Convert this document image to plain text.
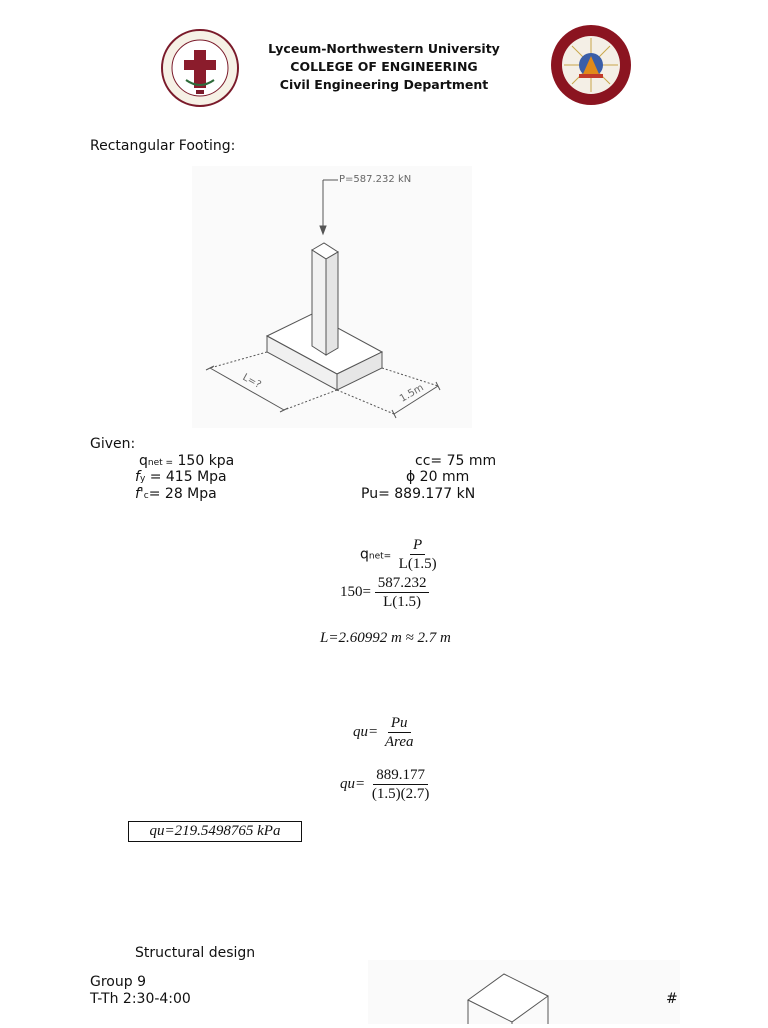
Lyceum-Northwestern University
COLLEGE OF ENGINEERING
Civil Engineering Department
Rectangular Footing:
P=587.232 kN
L=?
1.5m
Given:
qnet = 150 kpa
fy = 415 Mpa
f'c= 28 Mpa
cc= 75 mm
ϕ 20 mm
Pu= 889.177 kN
qnet= $\frac{P}{L(1.5)}$
$150= \frac{587.232}{L(1.5)}$
L=2.60992 m ≈ 2.7 m
$qu= \frac{Pu}{\text{Area}}$
$qu= \frac{889.177}{(1.5)(2.7)}$
qu=219.5498765 kPa
Structural design
Group 9
T-Th 2:30-4:00	#
